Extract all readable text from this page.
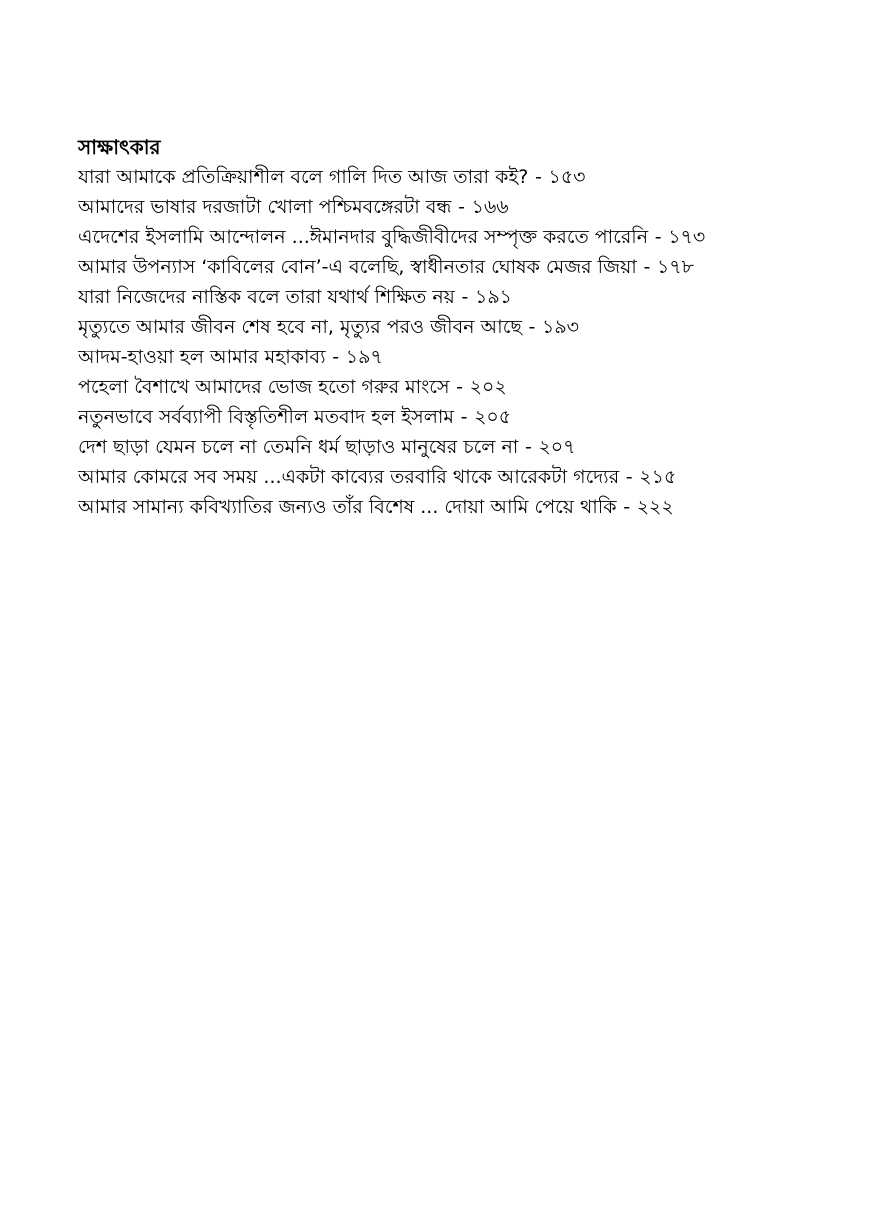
সাক্ষাৎকার
যারা আমাকে প্রতিক্রিয়াশীল বলে গালি দিত আজ তারা কই? - ১৫৩
আমাদের ভাষার দরজাটা খোলা পশ্চিমবঙ্গেরটা বন্ধ - ১৬৬
এদেশের ইসলামি আন্দোলন ...ঈমানদার বুদ্ধিজীবীদের সম্পৃক্ত করতে পারেনি - ১৭৩
আমার উপন্যাস ‘কাবিলের বোন’-এ বলেছি, স্বাধীনতার ঘোষক মেজর জিয়া - ১৭৮
যারা নিজেদের নাস্তিক বলে তারা যথার্থ শিক্ষিত নয় - ১৯১
মৃত্যুতে আমার জীবন শেষ হবে না, মৃত্যুর পরও জীবন আছে - ১৯৩
আদম-হাওয়া হল আমার মহাকাব্য - ১৯৭
পহেলা বৈশাখে আমাদের ভোজ হতো গরুর মাংসে - ২০২
নতুনভাবে সর্বব্যাপী বিস্তৃতিশীল মতবাদ হল ইসলাম - ২০৫
দেশ ছাড়া যেমন চলে না তেমনি ধর্ম ছাড়াও মানুষের চলে না - ২০৭
আমার কোমরে সব সময় ...একটা কাব্যের তরবারি থাকে আরেকটা গদ্যের - ২১৫
আমার সামান্য কবিখ্যাতির জন্যও তাঁর বিশেষ ... দোয়া আমি পেয়ে থাকি - ২২২
